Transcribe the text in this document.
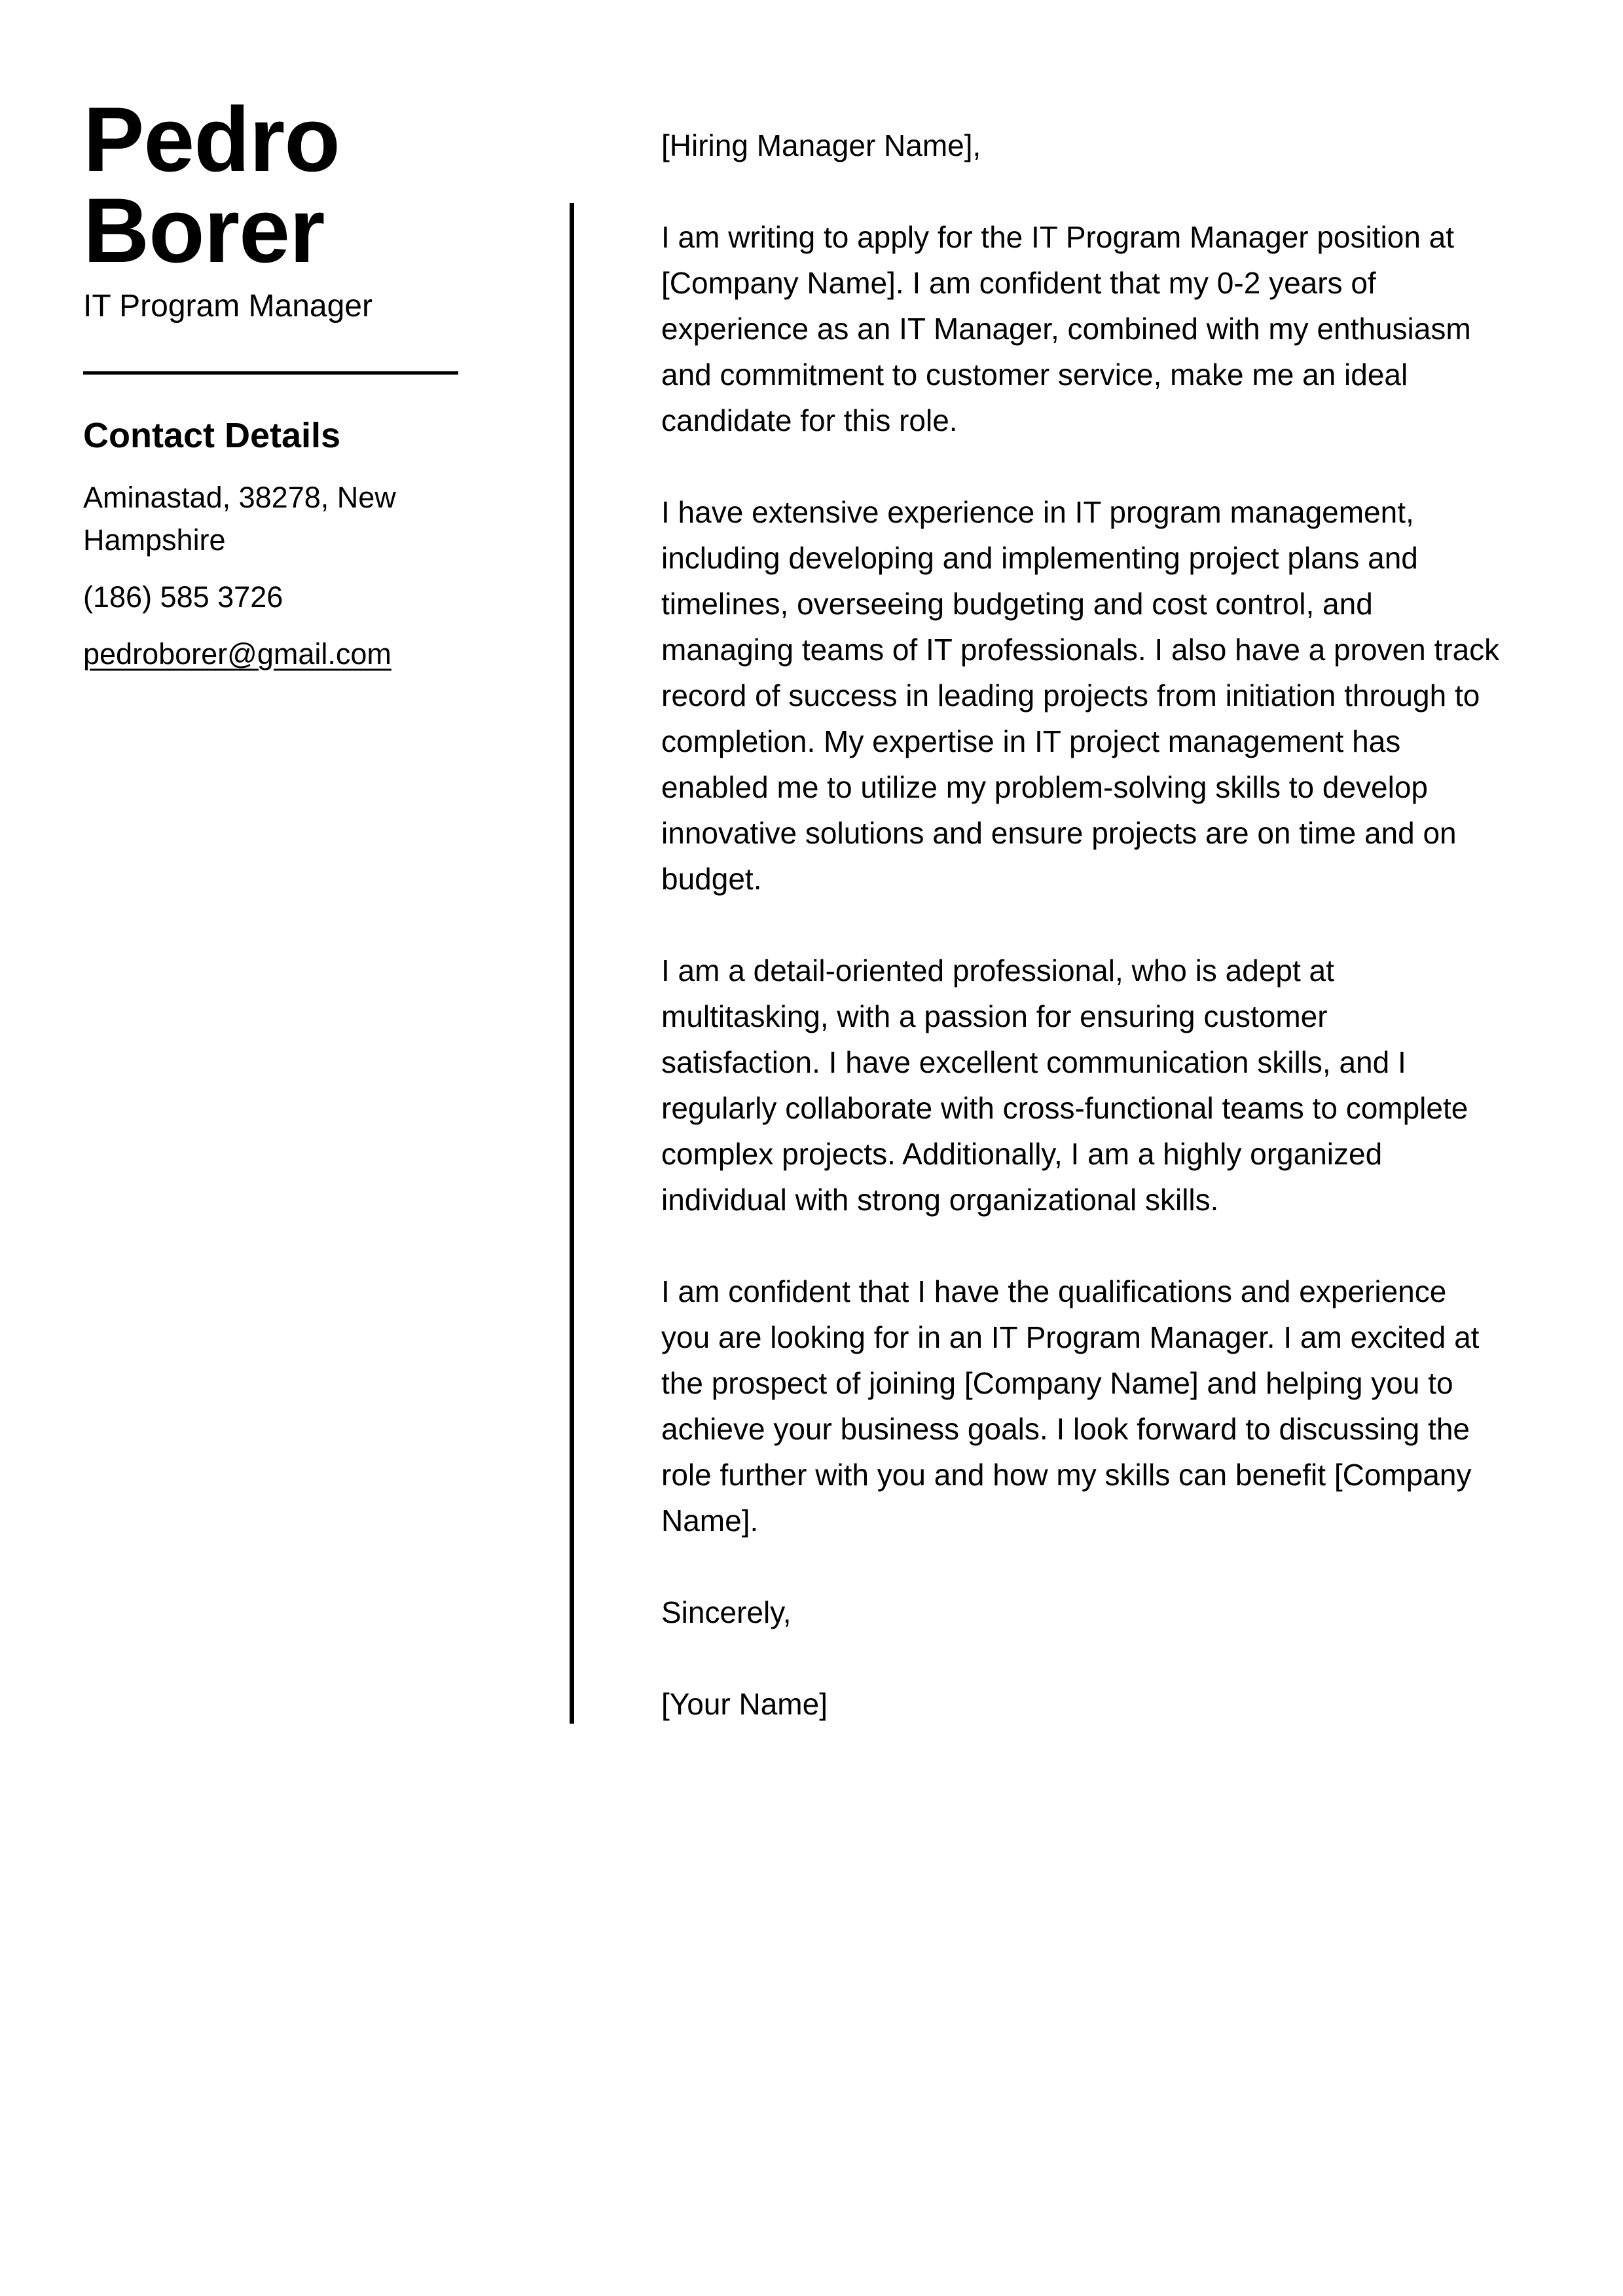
Pedro
Borer
IT Program Manager
Contact Details
Aminastad, 38278, New
Hampshire
(186) 585 3726
pedroborer@gmail.com
[Hiring Manager Name],
I am writing to apply for the IT Program Manager position at
[Company Name]. I am confident that my 0-2 years of
experience as an IT Manager, combined with my enthusiasm
and commitment to customer service, make me an ideal
candidate for this role.
I have extensive experience in IT program management,
including developing and implementing project plans and
timelines, overseeing budgeting and cost control, and
managing teams of IT professionals. I also have a proven track
record of success in leading projects from initiation through to
completion. My expertise in IT project management has
enabled me to utilize my problem-solving skills to develop
innovative solutions and ensure projects are on time and on
budget.
I am a detail-oriented professional, who is adept at
multitasking, with a passion for ensuring customer
satisfaction. I have excellent communication skills, and I
regularly collaborate with cross-functional teams to complete
complex projects. Additionally, I am a highly organized
individual with strong organizational skills.
I am confident that I have the qualifications and experience
you are looking for in an IT Program Manager. I am excited at
the prospect of joining [Company Name] and helping you to
achieve your business goals. I look forward to discussing the
role further with you and how my skills can benefit [Company
Name].
Sincerely,
[Your Name]
